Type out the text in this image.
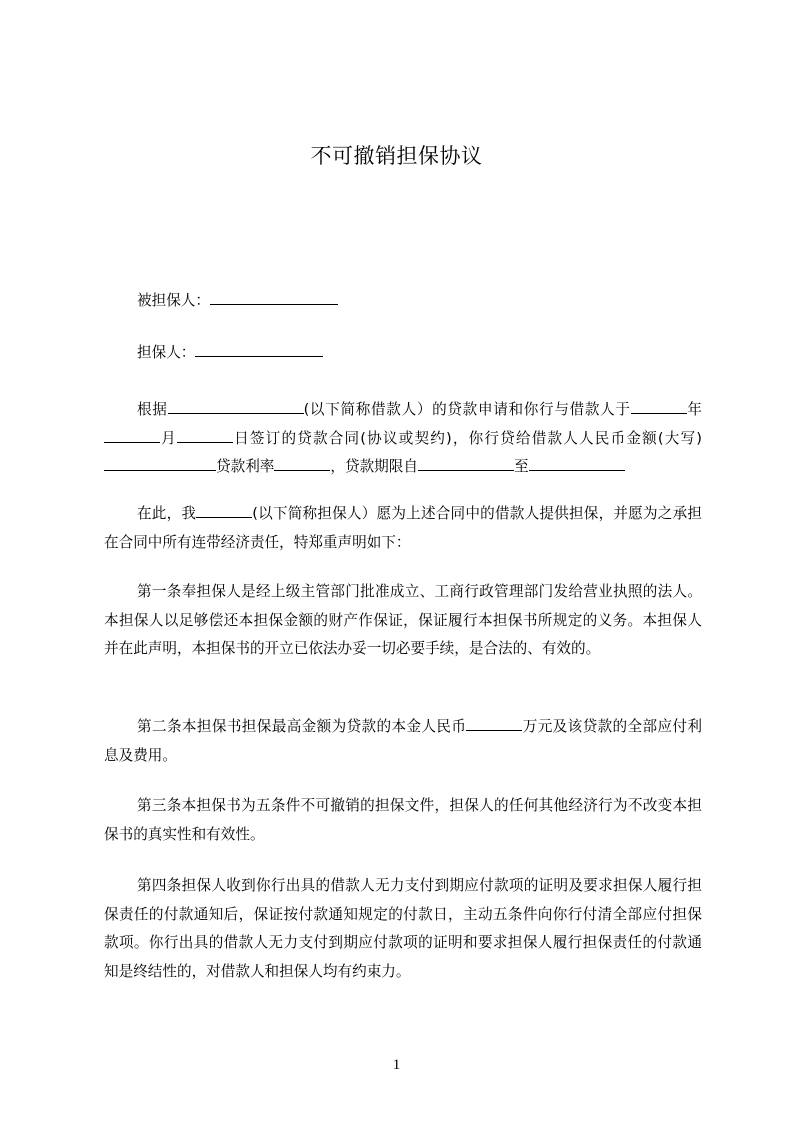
不可撤销担保协议

被担保人：

担保人：

根据	(以下简称借款人）的贷款申请和你行与借款人于	年月	日签订的贷款合同(协议或契约)，你行贷给借款人人民币金额(大写)贷款利率	，贷款期限自	至

在此，我	(以下简称担保人）愿为上述合同中的借款人提供担保，并愿为之承担在合同中所有连带经济责任，特郑重声明如下：

第一条奉担保人是经上级主管部门批准成立、工商行政管理部门发给营业执照的法人。本担保人以足够偿还本担保金额的财产作保证，保证履行本担保书所规定的义务。本担保人并在此声明，本担保书的开立已依法办妥一切必要手续，是合法的、有效的。

第二条本担保书担保最高金额为贷款的本金人民币	万元及该贷款的全部应付利息及费用。

第三条本担保书为五条件不可撤销的担保文件，担保人的任何其他经济行为不改变本担保书的真实性和有效性。

第四条担保人收到你行出具的借款人无力支付到期应付款项的证明及要求担保人履行担保责任的付款通知后，保证按付款通知规定的付款日，主动五条件向你行付清全部应付担保款项。你行出具的借款人无力支付到期应付款项的证明和要求担保人履行担保责任的付款通知是终结性的，对借款人和担保人均有约束力。

1
